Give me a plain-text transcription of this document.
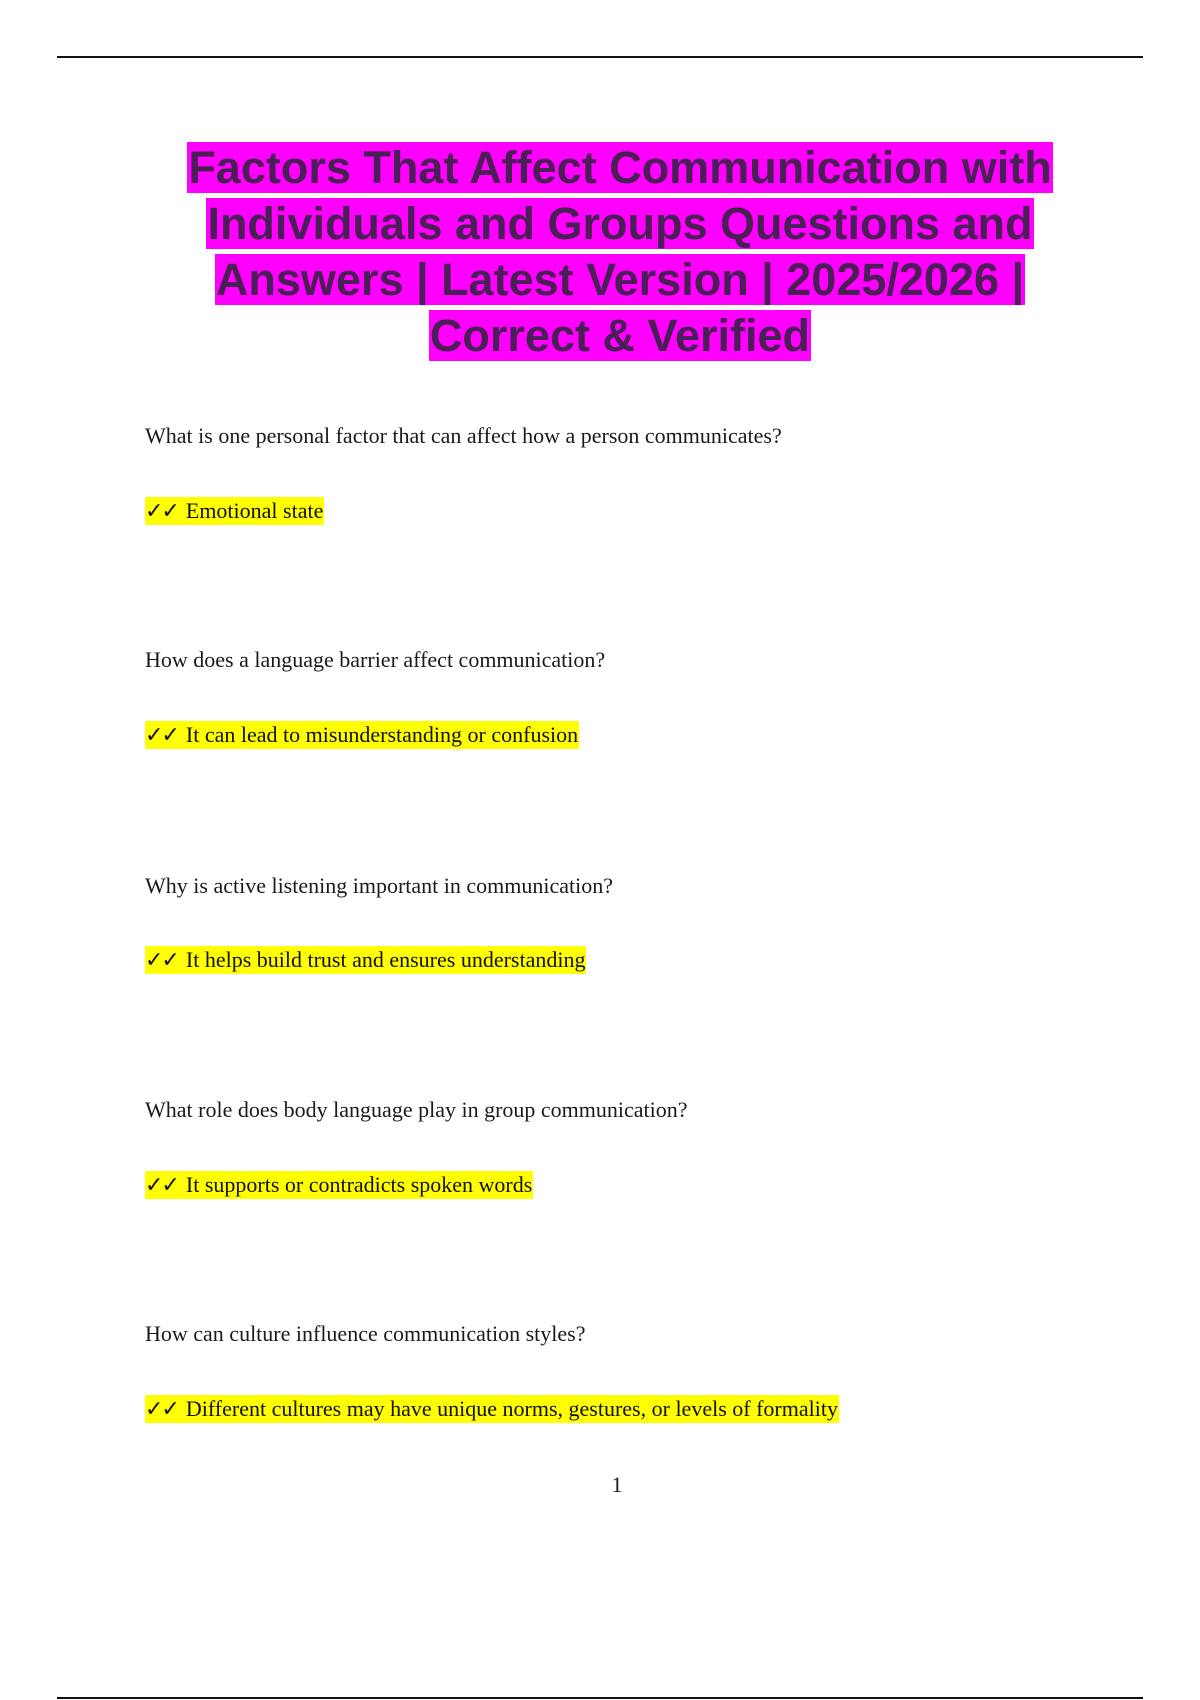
Factors That Affect Communication with
Individuals and Groups Questions and
Answers | Latest Version | 2025/2026 |
Correct & Verified
What is one personal factor that can affect how a person communicates?
✓✓ Emotional state
How does a language barrier affect communication?
✓✓ It can lead to misunderstanding or confusion
Why is active listening important in communication?
✓✓ It helps build trust and ensures understanding
What role does body language play in group communication?
✓✓ It supports or contradicts spoken words
How can culture influence communication styles?
✓✓ Different cultures may have unique norms, gestures, or levels of formality
1
